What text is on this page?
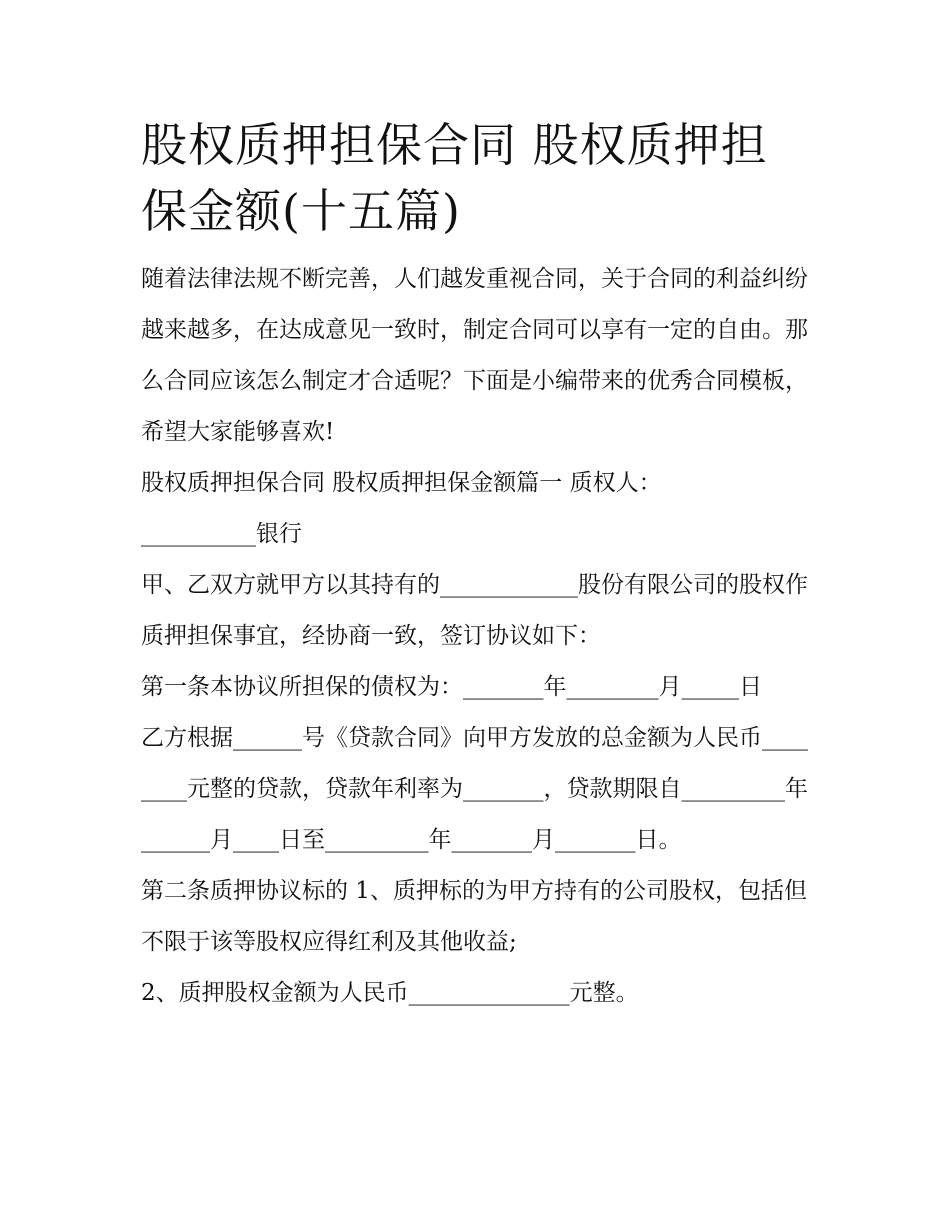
股权质押担保合同 股权质押担保金额(十五篇)

随着法律法规不断完善，人们越发重视合同，关于合同的利益纠纷越来越多，在达成意见一致时，制定合同可以享有一定的自由。那么合同应该怎么制定才合适呢？下面是小编带来的优秀合同模板，希望大家能够喜欢!

股权质押担保合同 股权质押担保金额篇一 质权人：

__________银行

甲、乙双方就甲方以其持有的____________股份有限公司的股权作质押担保事宜，经协商一致，签订协议如下：

第一条本协议所担保的债权为：_______年________月_____日

乙方根据______号《贷款合同》向甲方发放的总金额为人民币________元整的贷款，贷款年利率为_______，贷款期限自_________年______月____日至_________年_______月_______日。

第二条质押协议标的 1、质押标的为甲方持有的公司股权，包括但不限于该等股权应得红利及其他收益;

2、质押股权金额为人民币______________元整。
